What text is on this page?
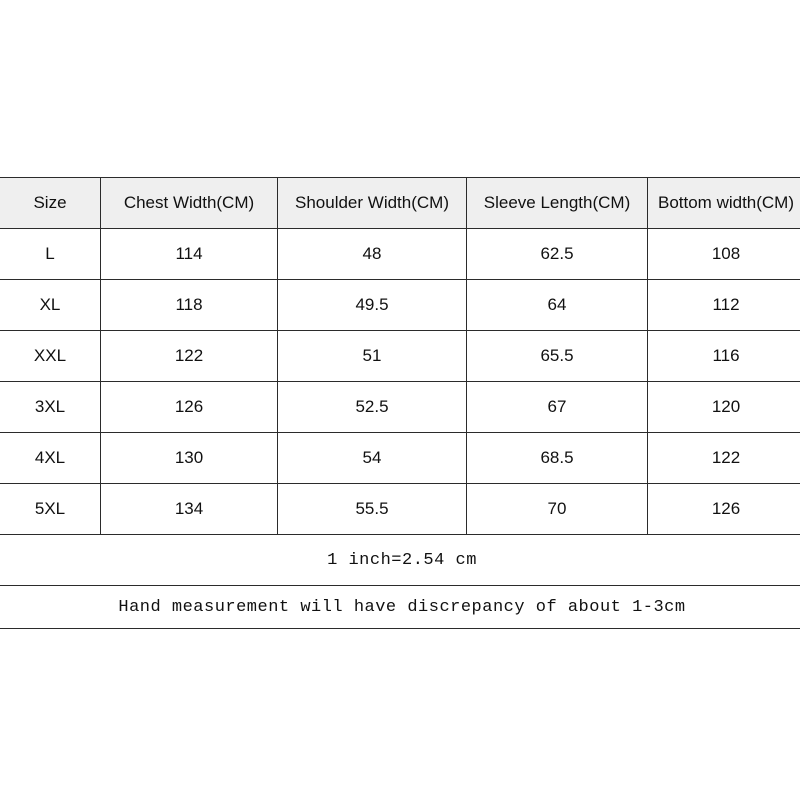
Size	Chest Width(CM)	Shoulder Width(CM)	Sleeve Length(CM)	Bottom width(CM)
L	114	48	62.5	108
XL	118	49.5	64	112
XXL	122	51	65.5	116
3XL	126	52.5	67	120
4XL	130	54	68.5	122
5XL	134	55.5	70	126
1 inch=2.54 cm				
Hand measurement will have discrepancy of about 1-3cm				
